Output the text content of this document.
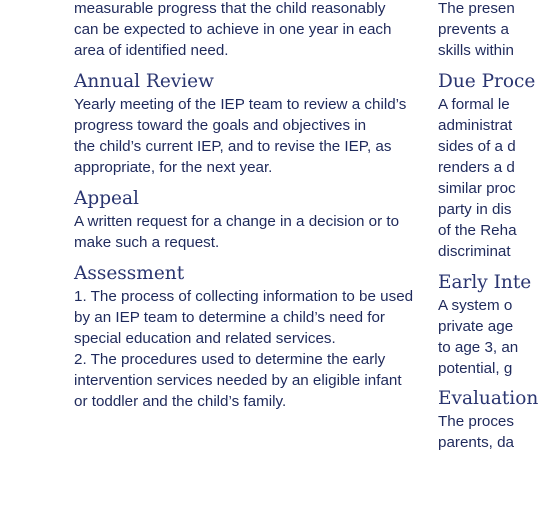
measurable progress that the child reasonably
can be expected to achieve in one year in each
area of identified need.

Annual Review

Yearly meeting of the IEP team to review a child’s
progress toward the goals and objectives in
the child’s current IEP, and to revise the IEP, as
appropriate, for the next year.

Appeal

A written request for a change in a decision or to
make such a request.

Assessment

1. The process of collecting information to be used
by an IEP team to determine a child’s need for
special education and related services.
2. The procedures used to determine the early
intervention services needed by an eligible infant
or toddler and the child’s family.

The presen
prevents a
skills within

Due Proce

A formal le
administrat
sides of a d
renders a d
similar proc
party in dis
of the Reha
discriminat

Early Inte

A system o
private age
to age 3, an
potential, g

Evaluation

The proces
parents, da
